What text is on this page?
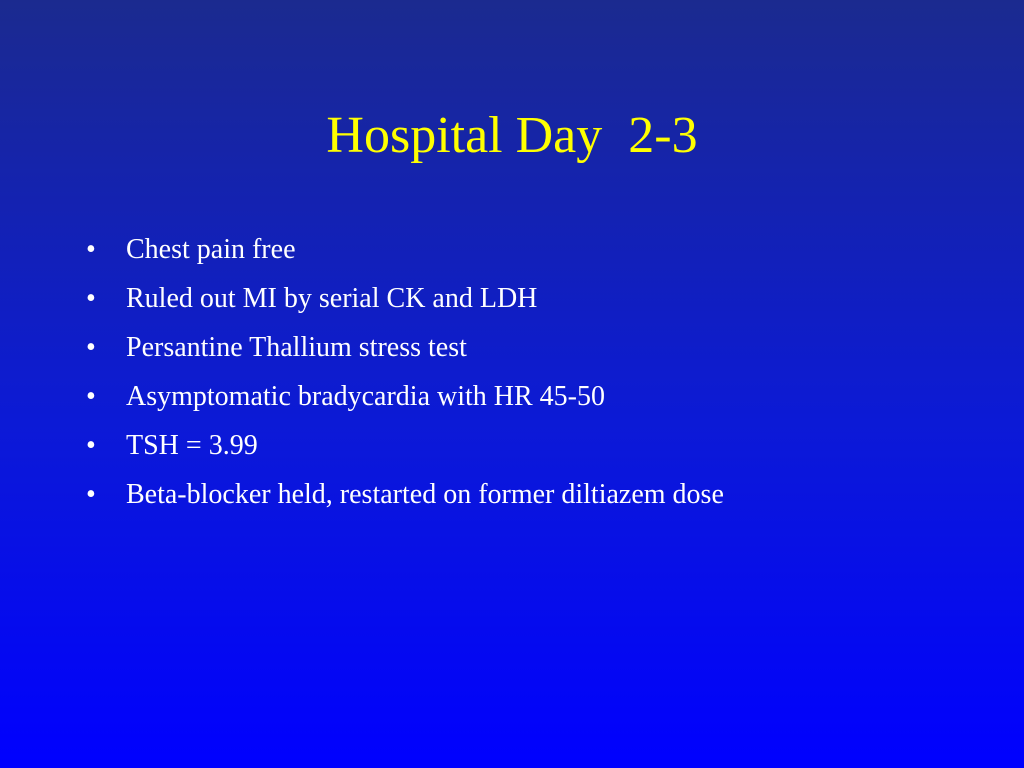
Hospital Day  2-3
•	Chest pain free
•	Ruled out MI by serial CK and LDH
•	Persantine Thallium stress test
•	Asymptomatic bradycardia with HR 45-50
•	TSH = 3.99
•	Beta-blocker held, restarted on former diltiazem dose
